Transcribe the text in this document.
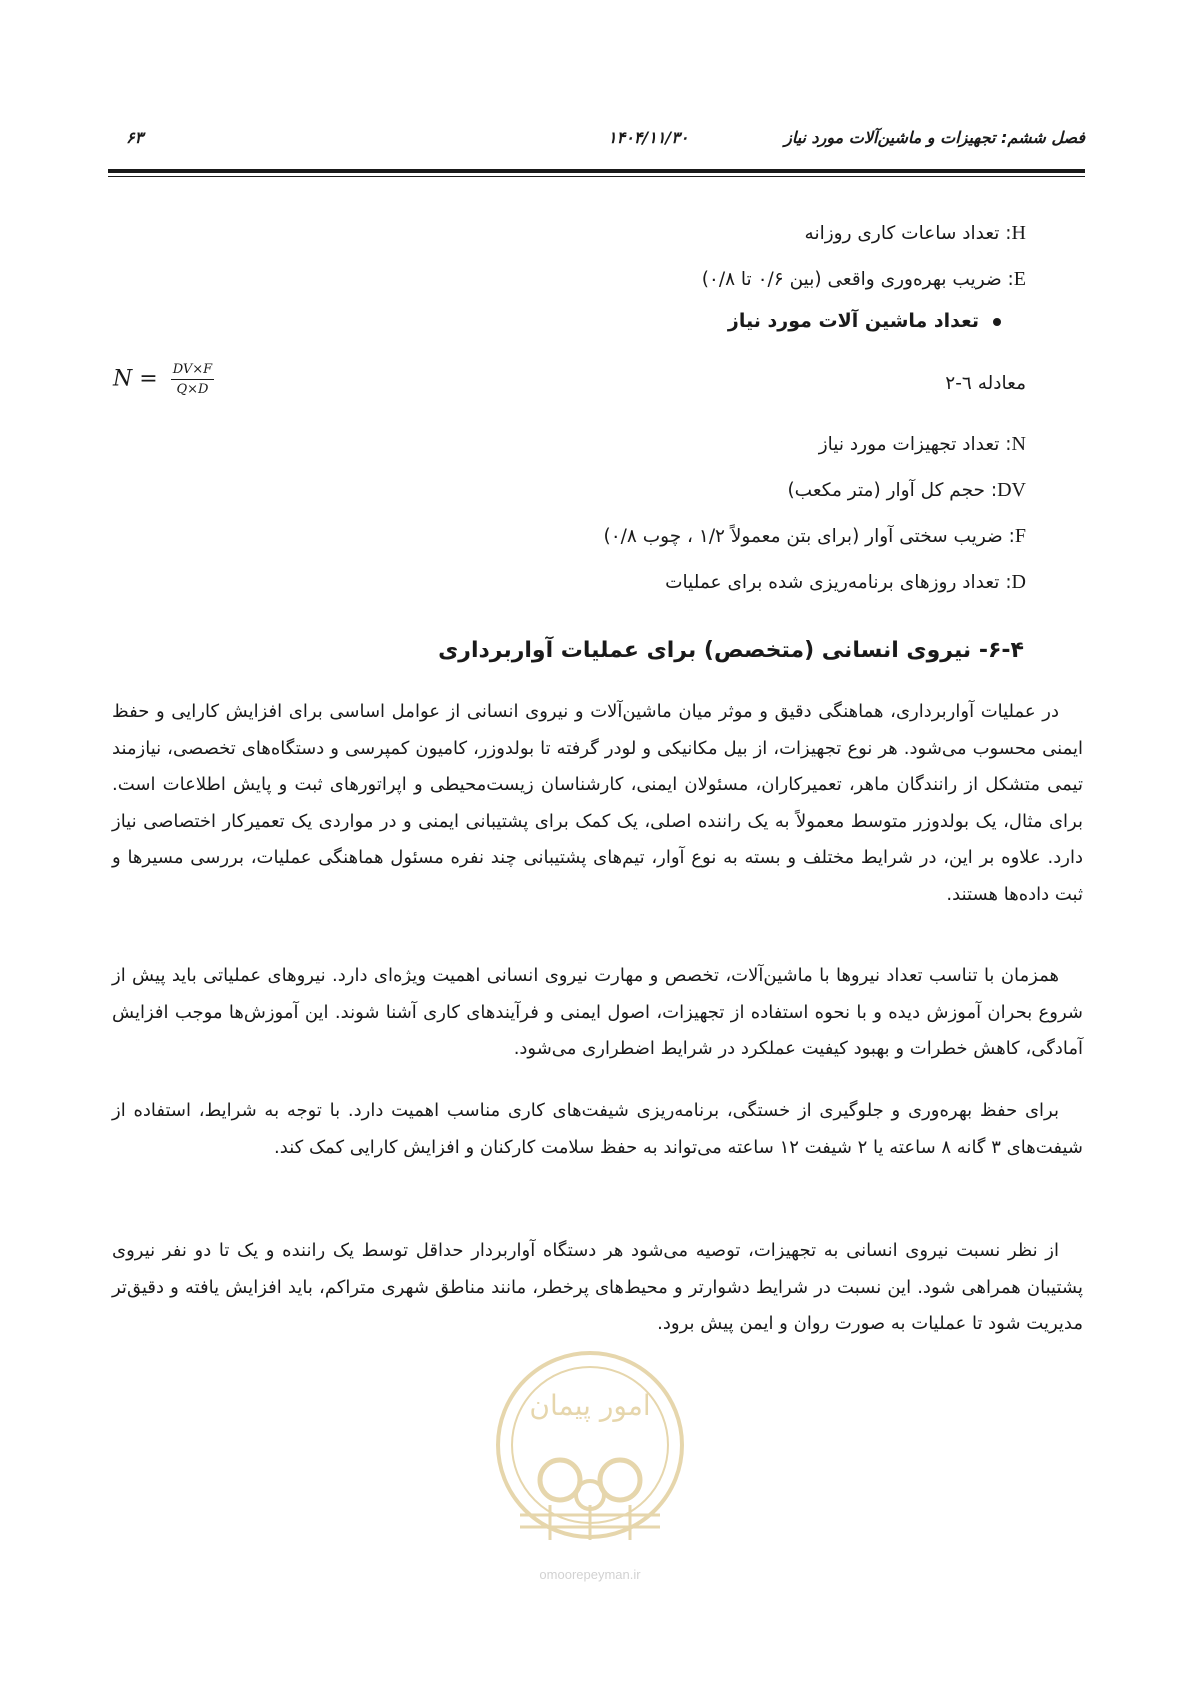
فصل ششم: تجهیزات و ماشین‌آلات مورد نیاز
۱۴۰۴/۱۱/۳۰
۶۳
H: تعداد ساعات کاری روزانه
E: ضریب بهره‌وری واقعی (بین ۰/۶ تا ۰/۸)
تعداد ماشین آلات مورد نیاز
معادله ٦-٢
$N = \frac{DV\times F}{Q\times D}$
N: تعداد تجهیزات مورد نیاز
DV: حجم کل آوار (متر مکعب)
F: ضریب سختی آوار (برای بتن معمولاً ۱/۲ ، چوب ۰/۸)
D: تعداد روزهای برنامه‌ریزی شده برای عملیات
۶-۴- نیروی انسانی (متخصص) برای عملیات آواربرداری

در عملیات آواربرداری، هماهنگی دقیق و موثر میان ماشین‌آلات و نیروی انسانی از عوامل اساسی برای افزایش کارایی و حفظ ایمنی محسوب می‌شود. هر نوع تجهیزات، از بیل مکانیکی و لودر گرفته تا بولدوزر، کامیون کمپرسی و دستگاه‌های تخصصی، نیازمند تیمی متشکل از رانندگان ماهر، تعمیرکاران، مسئولان ایمنی، کارشناسان زیست‌محیطی و اپراتورهای ثبت و پایش اطلاعات است. برای مثال، یک بولدوزر متوسط معمولاً به یک راننده اصلی، یک کمک برای پشتیبانی ایمنی و در مواردی یک تعمیرکار اختصاصی نیاز دارد. علاوه بر این، در شرایط مختلف و بسته به نوع آوار، تیم‌های پشتیبانی چند نفره مسئول هماهنگی عملیات، بررسی مسیرها و ثبت داده‌ها هستند.

همزمان با تناسب تعداد نیروها با ماشین‌آلات، تخصص و مهارت نیروی انسانی اهمیت ویژه‌ای دارد. نیروهای عملیاتی باید پیش از شروع بحران آموزش دیده و با نحوه استفاده از تجهیزات، اصول ایمنی و فرآیندهای کاری آشنا شوند. این آموزش‌ها موجب افزایش آمادگی، کاهش خطرات و بهبود کیفیت عملکرد در شرایط اضطراری می‌شود.

برای حفظ بهره‌وری و جلوگیری از خستگی، برنامه‌ریزی شیفت‌های کاری مناسب اهمیت دارد. با توجه به شرایط، استفاده از شیفت‌های ۳ گانه ۸ ساعته یا ۲ شیفت ۱۲ ساعته می‌تواند به حفظ سلامت کارکنان و افزایش کارایی کمک کند.

از نظر نسبت نیروی انسانی به تجهیزات، توصیه می‌شود هر دستگاه آواربردار حداقل توسط یک راننده و یک تا دو نفر نیروی پشتیبان همراهی شود. این نسبت در شرایط دشوارتر و محیط‌های پرخطر، مانند مناطق شهری متراکم، باید افزایش یافته و دقیق‌تر مدیریت شود تا عملیات به صورت روان و ایمن پیش برود.

امور پیمان
omoorepeyman.ir
